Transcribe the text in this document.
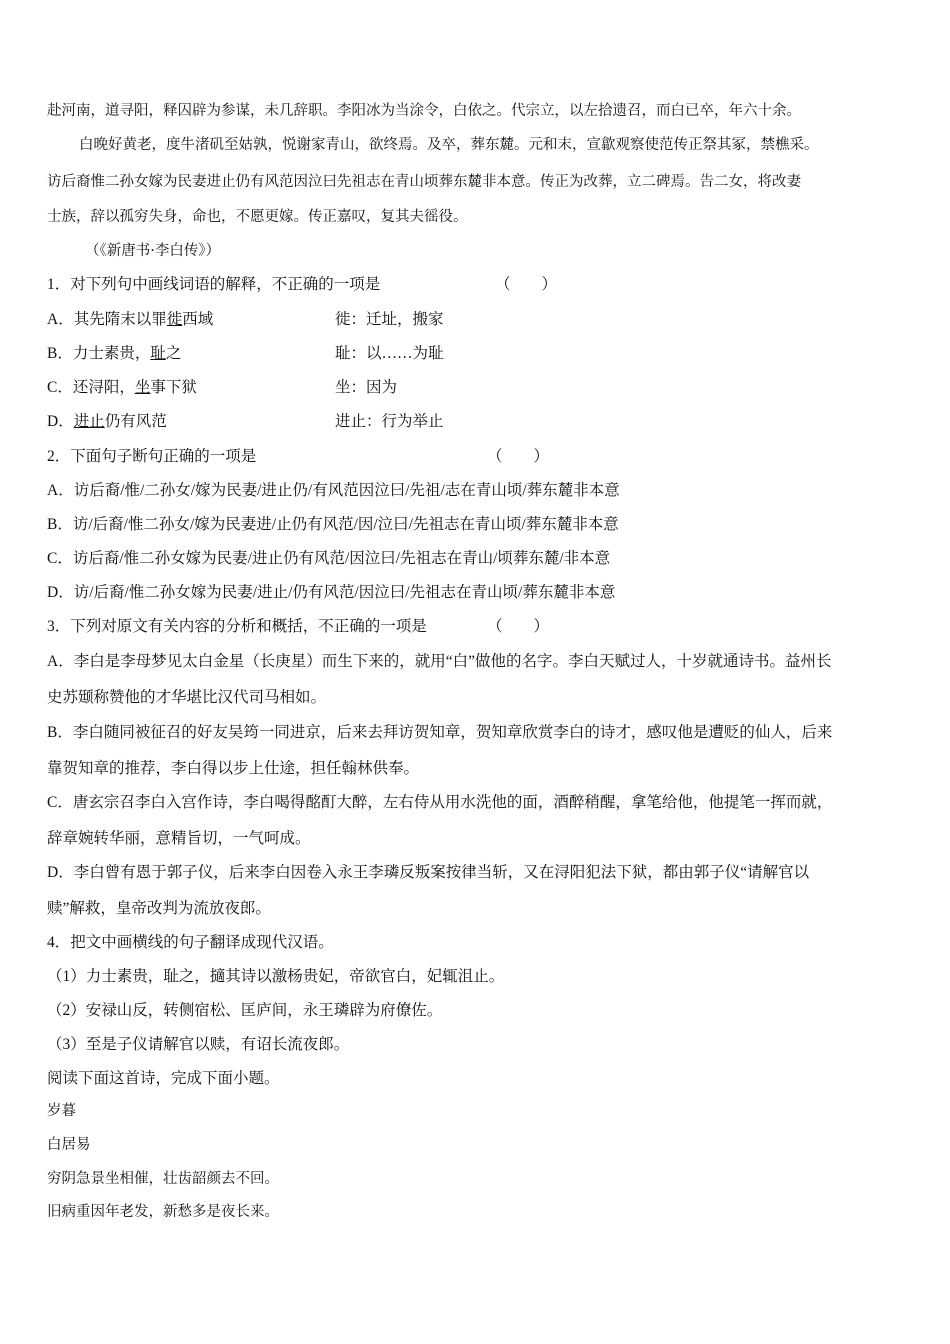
赴河南，道寻阳，释囚辟为参谋，未几辞职。李阳冰为当涂令，白依之。代宗立，以左拾遗召，而白已卒，年六十余。
白晚好黄老，度牛渚矶至姑孰，悦谢家青山，欲终焉。及卒，葬东麓。元和末，宣歙观察使范传正祭其冢，禁樵采。
访后裔惟二孙女嫁为民妻进止仍有风范因泣曰先祖志在青山顷葬东麓非本意。传正为改葬，立二碑焉。告二女，将改妻
士族，辞以孤穷失身，命也，不愿更嫁。传正嘉叹，复其夫徭役。
（《新唐书·李白传》）
1．对下列句中画线词语的解释，不正确的一项是	（　　）
A．其先隋末以罪徙西域	徙：迁址，搬家
B．力士素贵，耻之	耻：以……为耻
C．还浔阳，坐事下狱	坐：因为
D．进止仍有风范	进止：行为举止
2．下面句子断句正确的一项是	（　　）
A．访后裔/惟/二孙女/嫁为民妻/进止仍/有风范因泣曰/先祖/志在青山顷/葬东麓非本意
B．访/后裔/惟二孙女/嫁为民妻进/止仍有风范/因/泣曰/先祖志在青山顷/葬东麓非本意
C．访后裔/惟二孙女嫁为民妻/进止仍有风范/因泣曰/先祖志在青山/顷葬东麓/非本意
D．访/后裔/惟二孙女嫁为民妻/进止/仍有风范/因泣曰/先祖志在青山顷/葬东麓非本意
3．下列对原文有关内容的分析和概括，不正确的一项是	（　　）
A．李白是李母梦见太白金星（长庚星）而生下来的，就用“白”做他的名字。李白天赋过人，十岁就通诗书。益州长
史苏颋称赞他的才华堪比汉代司马相如。
B．李白随同被征召的好友吴筠一同进京，后来去拜访贺知章，贺知章欣赏李白的诗才，感叹他是遭贬的仙人，后来
靠贺知章的推荐，李白得以步上仕途，担任翰林供奉。
C．唐玄宗召李白入宫作诗，李白喝得酩酊大醉，左右侍从用水洗他的面，酒醉稍醒，拿笔给他，他提笔一挥而就，
辞章婉转华丽，意精旨切，一气呵成。
D．李白曾有恩于郭子仪，后来李白因卷入永王李璘反叛案按律当斩，又在浔阳犯法下狱，都由郭子仪“请解官以
赎”解救，皇帝改判为流放夜郎。
4．把文中画横线的句子翻译成现代汉语。
（1）力士素贵，耻之，擿其诗以激杨贵妃，帝欲官白，妃辄沮止。
（2）安禄山反，转侧宿松、匡庐间，永王璘辟为府僚佐。
（3）至是子仪请解官以赎，有诏长流夜郎。
阅读下面这首诗，完成下面小题。
岁暮
白居易
穷阴急景坐相催，壮齿韶颜去不回。
旧病重因年老发，新愁多是夜长来。
